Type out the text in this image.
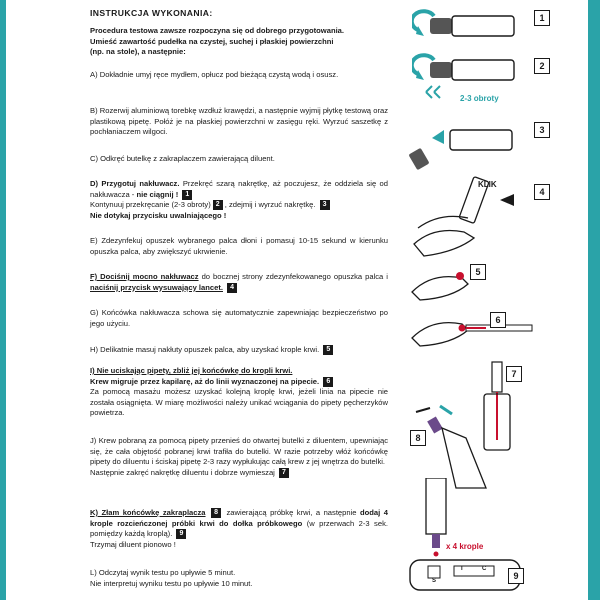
INSTRUKCJA WYKONANIA:
Procedura testowa zawsze rozpoczyna się od dobrego przygotowania.
Umieść zawartość pudełka na czystej, suchej i płaskiej powierzchni
(np. na stole), a następnie:
A) Dokładnie umyj ręce mydłem, opłucz pod bieżącą czystą wodą i osusz.
B) Rozerwij aluminiową torebkę wzdłuż krawędzi, a następnie wyjmij płytkę testową oraz plastikową pipetę. Połóż je na płaskiej powierzchni w zasięgu ręki. Wyrzuć saszetkę z pochłaniaczem wilgoci.
C) Odkręć butelkę z zakraplaczem zawierającą diluent.
D) Przygotuj nakłuwacz. Przekręć szarą nakrętkę, aż poczujesz, że oddziela się od nakłuwacza - nie ciągnij ! 1
Kontynuuj przekręcanie (2-3 obroty) 2 , zdejmij i wyrzuć nakrętkę. 3
Nie dotykaj przycisku uwalniającego !
E) Zdezynfekuj opuszek wybranego palca dłoni i pomasuj 10-15 sekund w kierunku opuszka palca, aby zwiększyć ukrwienie.
F) Dociśnij mocno nakłuwacz do bocznej strony zdezynfekowanego opuszka palca i naciśnij przycisk wysuwający lancet. 4
G) Końcówka nakłuwacza schowa się automatycznie zapewniając bezpieczeństwo po jego użyciu.
H) Delikatnie masuj nakłuty opuszek palca, aby uzyskać krople krwi. 5
I) Nie uciskając pipety, zbliż jej końcówkę do kropli krwi.
Krew migruje przez kapilarę, aż do linii wyznaczonej na pipecie. 6
Za pomocą masażu możesz uzyskać kolejną kroplę krwi, jeżeli linia na pipecie nie została osiągnięta. W miarę możliwości należy unikać wciągania do pipety pęcherzyków powietrza.
J) Krew pobraną za pomocą pipety przenieś do otwartej butelki z diluentem, upewniając się, że cała objętość pobranej krwi trafiła do butelki. W razie potrzeby włóż końcówkę pipety do diluentu i ściskaj pipetę 2-3 razy wypłukując całą krew z jej wnętrza do butelki.
Następnie zakręć nakrętkę diluentu i dobrze wymieszaj 7
K) Złam końcówkę zakraplacza 8 zawierającą próbkę krwi, a następnie dodaj 4 krople rozcieńczonej próbki krwi do dołka próbkowego (w przerwach 2-3 sek. pomiędzy każdą kroplą). 9
Trzymaj diluent pionowo !
L) Odczytaj wynik testu po upływie 5 minut.
Nie interpretuj wyniku testu po upływie 10 minut.
1
2-3 obroty
2
3
KLIK
4
5
6
7
8
x 4 krople
S
T	C
9
